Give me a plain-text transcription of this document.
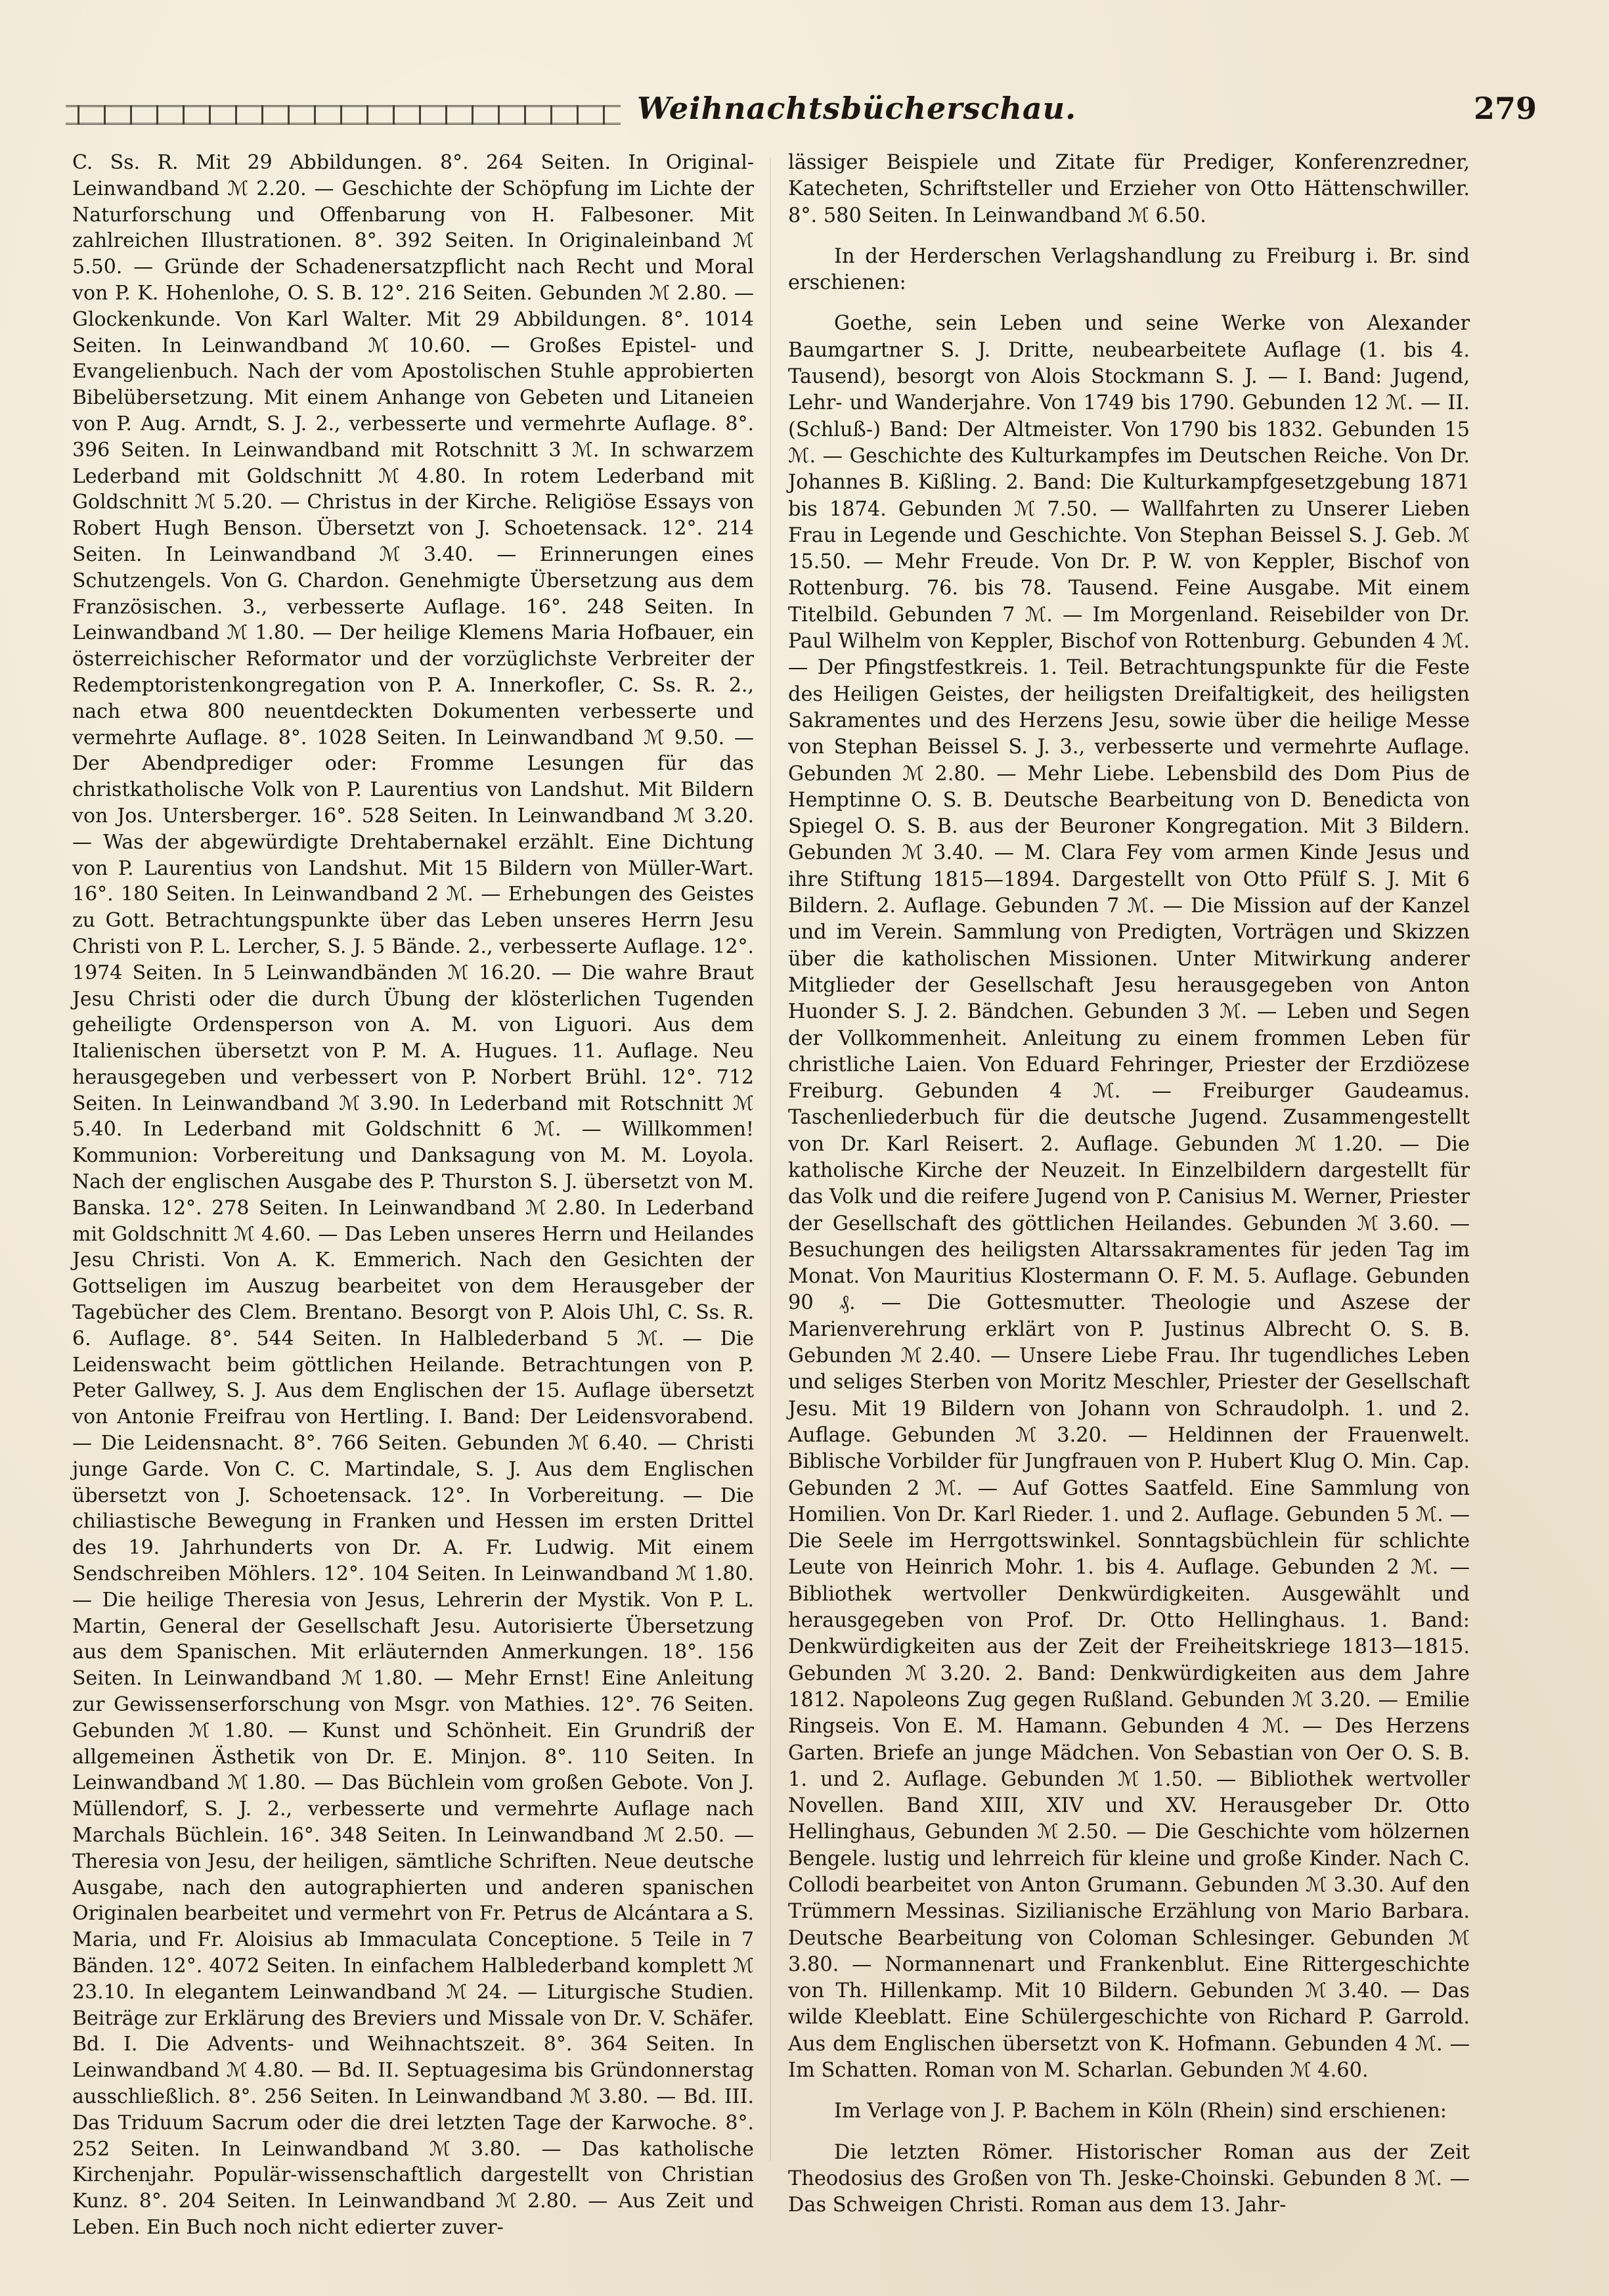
Weihnachtsbücherschau.	279

C. Ss. R. Mit 29 Abbildungen. 8°. 264 Seiten. In Original-Leinwandband ℳ 2.20. — Geschichte der Schöpfung im Lichte der Naturforschung und Offenbarung von H. Falbesoner. Mit zahlreichen Illustrationen. 8°. 392 Seiten. In Originaleinband ℳ 5.50. — Gründe der Schadenersatzpflicht nach Recht und Moral von P. K. Hohenlohe, O. S. B. 12°. 216 Seiten. Gebunden ℳ 2.80. — Glockenkunde. Von Karl Walter. Mit 29 Abbildungen. 8°. 1014 Seiten. In Leinwandband ℳ 10.60. — Großes Epistel- und Evangelienbuch. Nach der vom Apostolischen Stuhle approbierten Bibelübersetzung. Mit einem Anhange von Gebeten und Litaneien von P. Aug. Arndt, S. J. 2., verbesserte und vermehrte Auflage. 8°. 396 Seiten. In Leinwandband mit Rotschnitt 3 ℳ. In schwarzem Lederband mit Goldschnitt ℳ 4.80. In rotem Lederband mit Goldschnitt ℳ 5.20. — Christus in der Kirche. Religiöse Essays von Robert Hugh Benson. Übersetzt von J. Schoetensack. 12°. 214 Seiten. In Leinwandband ℳ 3.40. — Erinnerungen eines Schutzengels. Von G. Chardon. Genehmigte Übersetzung aus dem Französischen. 3., verbesserte Auflage. 16°. 248 Seiten. In Leinwandband ℳ 1.80. — Der heilige Klemens Maria Hofbauer, ein österreichischer Reformator und der vorzüglichste Verbreiter der Redemptoristenkongregation von P. A. Innerkofler, C. Ss. R. 2., nach etwa 800 neuentdeckten Dokumenten verbesserte und vermehrte Auflage. 8°. 1028 Seiten. In Leinwandband ℳ 9.50. — Der Abendprediger oder: Fromme Lesungen für das christkatholische Volk von P. Laurentius von Landshut. Mit Bildern von Jos. Untersberger. 16°. 528 Seiten. In Leinwandband ℳ 3.20. — Was der abgewürdigte Drehtabernakel erzählt. Eine Dichtung von P. Laurentius von Landshut. Mit 15 Bildern von Müller-Wart. 16°. 180 Seiten. In Leinwandband 2 ℳ. — Erhebungen des Geistes zu Gott. Betrachtungspunkte über das Leben unseres Herrn Jesu Christi von P. L. Lercher, S. J. 5 Bände. 2., verbesserte Auflage. 12°. 1974 Seiten. In 5 Leinwandbänden ℳ 16.20. — Die wahre Braut Jesu Christi oder die durch Übung der klösterlichen Tugenden geheiligte Ordensperson von A. M. von Liguori. Aus dem Italienischen übersetzt von P. M. A. Hugues. 11. Auflage. Neu herausgegeben und verbessert von P. Norbert Brühl. 12°. 712 Seiten. In Leinwandband ℳ 3.90. In Lederband mit Rotschnitt ℳ 5.40. In Lederband mit Goldschnitt 6 ℳ. — Willkommen! Kommunion: Vorbereitung und Danksagung von M. M. Loyola. Nach der englischen Ausgabe des P. Thurston S. J. übersetzt von M. Banska. 12°. 278 Seiten. In Leinwandband ℳ 2.80. In Lederband mit Goldschnitt ℳ 4.60. — Das Leben unseres Herrn und Heilandes Jesu Christi. Von A. K. Emmerich. Nach den Gesichten der Gottseligen im Auszug bearbeitet von dem Herausgeber der Tagebücher des Clem. Brentano. Besorgt von P. Alois Uhl, C. Ss. R. 6. Auflage. 8°. 544 Seiten. In Halblederband 5 ℳ. — Die Leidenswacht beim göttlichen Heilande. Betrachtungen von P. Peter Gallwey, S. J. Aus dem Englischen der 15. Auflage übersetzt von Antonie Freifrau von Hertling. I. Band: Der Leidensvorabend. — Die Leidensnacht. 8°. 766 Seiten. Gebunden ℳ 6.40. — Christi junge Garde. Von C. C. Martindale, S. J. Aus dem Englischen übersetzt von J. Schoetensack. 12°. In Vorbereitung. — Die chiliastische Bewegung in Franken und Hessen im ersten Drittel des 19. Jahrhunderts von Dr. A. Fr. Ludwig. Mit einem Sendschreiben Möhlers. 12°. 104 Seiten. In Leinwandband ℳ 1.80. — Die heilige Theresia von Jesus, Lehrerin der Mystik. Von P. L. Martin, General der Gesellschaft Jesu. Autorisierte Übersetzung aus dem Spanischen. Mit erläuternden Anmerkungen. 18°. 156 Seiten. In Leinwandband ℳ 1.80. — Mehr Ernst! Eine Anleitung zur Gewissenserforschung von Msgr. von Mathies. 12°. 76 Seiten. Gebunden ℳ 1.80. — Kunst und Schönheit. Ein Grundriß der allgemeinen Ästhetik von Dr. E. Minjon. 8°. 110 Seiten. In Leinwandband ℳ 1.80. — Das Büchlein vom großen Gebote. Von J. Müllendorf, S. J. 2., verbesserte und vermehrte Auflage nach Marchals Büchlein. 16°. 348 Seiten. In Leinwandband ℳ 2.50. — Theresia von Jesu, der heiligen, sämtliche Schriften. Neue deutsche Ausgabe, nach den autographierten und anderen spanischen Originalen bearbeitet und vermehrt von Fr. Petrus de Alcántara a S. Maria, und Fr. Aloisius ab Immaculata Conceptione. 5 Teile in 7 Bänden. 12°. 4072 Seiten. In einfachem Halblederband komplett ℳ 23.10. In elegantem Leinwandband ℳ 24. — Liturgische Studien. Beiträge zur Erklärung des Breviers und Missale von Dr. V. Schäfer. Bd. I. Die Advents- und Weihnachtszeit. 8°. 364 Seiten. In Leinwandband ℳ 4.80. — Bd. II. Septuagesima bis Gründonnerstag ausschließlich. 8°. 256 Seiten. In Leinwandband ℳ 3.80. — Bd. III. Das Triduum Sacrum oder die drei letzten Tage der Karwoche. 8°. 252 Seiten. In Leinwandband ℳ 3.80. — Das katholische Kirchenjahr. Populär-wissenschaftlich dargestellt von Christian Kunz. 8°. 204 Seiten. In Leinwandband ℳ 2.80. — Aus Zeit und Leben. Ein Buch noch nicht edierter zuver-

lässiger Beispiele und Zitate für Prediger, Konferenzredner, Katecheten, Schriftsteller und Erzieher von Otto Hättenschwiller. 8°. 580 Seiten. In Leinwandband ℳ 6.50.

In der Herderschen Verlagshandlung zu Freiburg i. Br. sind erschienen:

Goethe, sein Leben und seine Werke von Alexander Baumgartner S. J. Dritte, neubearbeitete Auflage (1. bis 4. Tausend), besorgt von Alois Stockmann S. J. — I. Band: Jugend, Lehr- und Wanderjahre. Von 1749 bis 1790. Gebunden 12 ℳ. — II. (Schluß-) Band: Der Altmeister. Von 1790 bis 1832. Gebunden 15 ℳ. — Geschichte des Kulturkampfes im Deutschen Reiche. Von Dr. Johannes B. Kißling. 2. Band: Die Kulturkampfgesetzgebung 1871 bis 1874. Gebunden ℳ 7.50. — Wallfahrten zu Unserer Lieben Frau in Legende und Geschichte. Von Stephan Beissel S. J. Geb. ℳ 15.50. — Mehr Freude. Von Dr. P. W. von Keppler, Bischof von Rottenburg. 76. bis 78. Tausend. Feine Ausgabe. Mit einem Titelbild. Gebunden 7 ℳ. — Im Morgenland. Reisebilder von Dr. Paul Wilhelm von Keppler, Bischof von Rottenburg. Gebunden 4 ℳ. — Der Pfingstfestkreis. 1. Teil. Betrachtungspunkte für die Feste des Heiligen Geistes, der heiligsten Dreifaltigkeit, des heiligsten Sakramentes und des Herzens Jesu, sowie über die heilige Messe von Stephan Beissel S. J. 3., verbesserte und vermehrte Auflage. Gebunden ℳ 2.80. — Mehr Liebe. Lebensbild des Dom Pius de Hemptinne O. S. B. Deutsche Bearbeitung von D. Benedicta von Spiegel O. S. B. aus der Beuroner Kongregation. Mit 3 Bildern. Gebunden ℳ 3.40. — M. Clara Fey vom armen Kinde Jesus und ihre Stiftung 1815—1894. Dargestellt von Otto Pfülf S. J. Mit 6 Bildern. 2. Auflage. Gebunden 7 ℳ. — Die Mission auf der Kanzel und im Verein. Sammlung von Predigten, Vorträgen und Skizzen über die katholischen Missionen. Unter Mitwirkung anderer Mitglieder der Gesellschaft Jesu herausgegeben von Anton Huonder S. J. 2. Bändchen. Gebunden 3 ℳ. — Leben und Segen der Vollkommenheit. Anleitung zu einem frommen Leben für christliche Laien. Von Eduard Fehringer, Priester der Erzdiözese Freiburg. Gebunden 4 ℳ. — Freiburger Gaudeamus. Taschenliederbuch für die deutsche Jugend. Zusammengestellt von Dr. Karl Reisert. 2. Auflage. Gebunden ℳ 1.20. — Die katholische Kirche der Neuzeit. In Einzelbildern dargestellt für das Volk und die reifere Jugend von P. Canisius M. Werner, Priester der Gesellschaft des göttlichen Heilandes. Gebunden ℳ 3.60. — Besuchungen des heiligsten Altarssakramentes für jeden Tag im Monat. Von Mauritius Klostermann O. F. M. 5. Auflage. Gebunden 90 ₰. — Die Gottesmutter. Theologie und Aszese der Marienverehrung erklärt von P. Justinus Albrecht O. S. B. Gebunden ℳ 2.40. — Unsere Liebe Frau. Ihr tugendliches Leben und seliges Sterben von Moritz Meschler, Priester der Gesellschaft Jesu. Mit 19 Bildern von Johann von Schraudolph. 1. und 2. Auflage. Gebunden ℳ 3.20. — Heldinnen der Frauenwelt. Biblische Vorbilder für Jungfrauen von P. Hubert Klug O. Min. Cap. Gebunden 2 ℳ. — Auf Gottes Saatfeld. Eine Sammlung von Homilien. Von Dr. Karl Rieder. 1. und 2. Auflage. Gebunden 5 ℳ. — Die Seele im Herrgottswinkel. Sonntagsbüchlein für schlichte Leute von Heinrich Mohr. 1. bis 4. Auflage. Gebunden 2 ℳ. — Bibliothek wertvoller Denkwürdigkeiten. Ausgewählt und herausgegeben von Prof. Dr. Otto Hellinghaus. 1. Band: Denkwürdigkeiten aus der Zeit der Freiheitskriege 1813—1815. Gebunden ℳ 3.20. 2. Band: Denkwürdigkeiten aus dem Jahre 1812. Napoleons Zug gegen Rußland. Gebunden ℳ 3.20. — Emilie Ringseis. Von E. M. Hamann. Gebunden 4 ℳ. — Des Herzens Garten. Briefe an junge Mädchen. Von Sebastian von Oer O. S. B. 1. und 2. Auflage. Gebunden ℳ 1.50. — Bibliothek wertvoller Novellen. Band XIII, XIV und XV. Herausgeber Dr. Otto Hellinghaus, Gebunden ℳ 2.50. — Die Geschichte vom hölzernen Bengele. lustig und lehrreich für kleine und große Kinder. Nach C. Collodi bearbeitet von Anton Grumann. Gebunden ℳ 3.30. Auf den Trümmern Messinas. Sizilianische Erzählung von Mario Barbara. Deutsche Bearbeitung von Coloman Schlesinger. Gebunden ℳ 3.80. — Normannenart und Frankenblut. Eine Rittergeschichte von Th. Hillenkamp. Mit 10 Bildern. Gebunden ℳ 3.40. — Das wilde Kleeblatt. Eine Schülergeschichte von Richard P. Garrold. Aus dem Englischen übersetzt von K. Hofmann. Gebunden 4 ℳ. — Im Schatten. Roman von M. Scharlan. Gebunden ℳ 4.60.

Im Verlage von J. P. Bachem in Köln (Rhein) sind erschienen:

Die letzten Römer. Historischer Roman aus der Zeit Theodosius des Großen von Th. Jeske-Choinski. Gebunden 8 ℳ. — Das Schweigen Christi. Roman aus dem 13. Jahr-
